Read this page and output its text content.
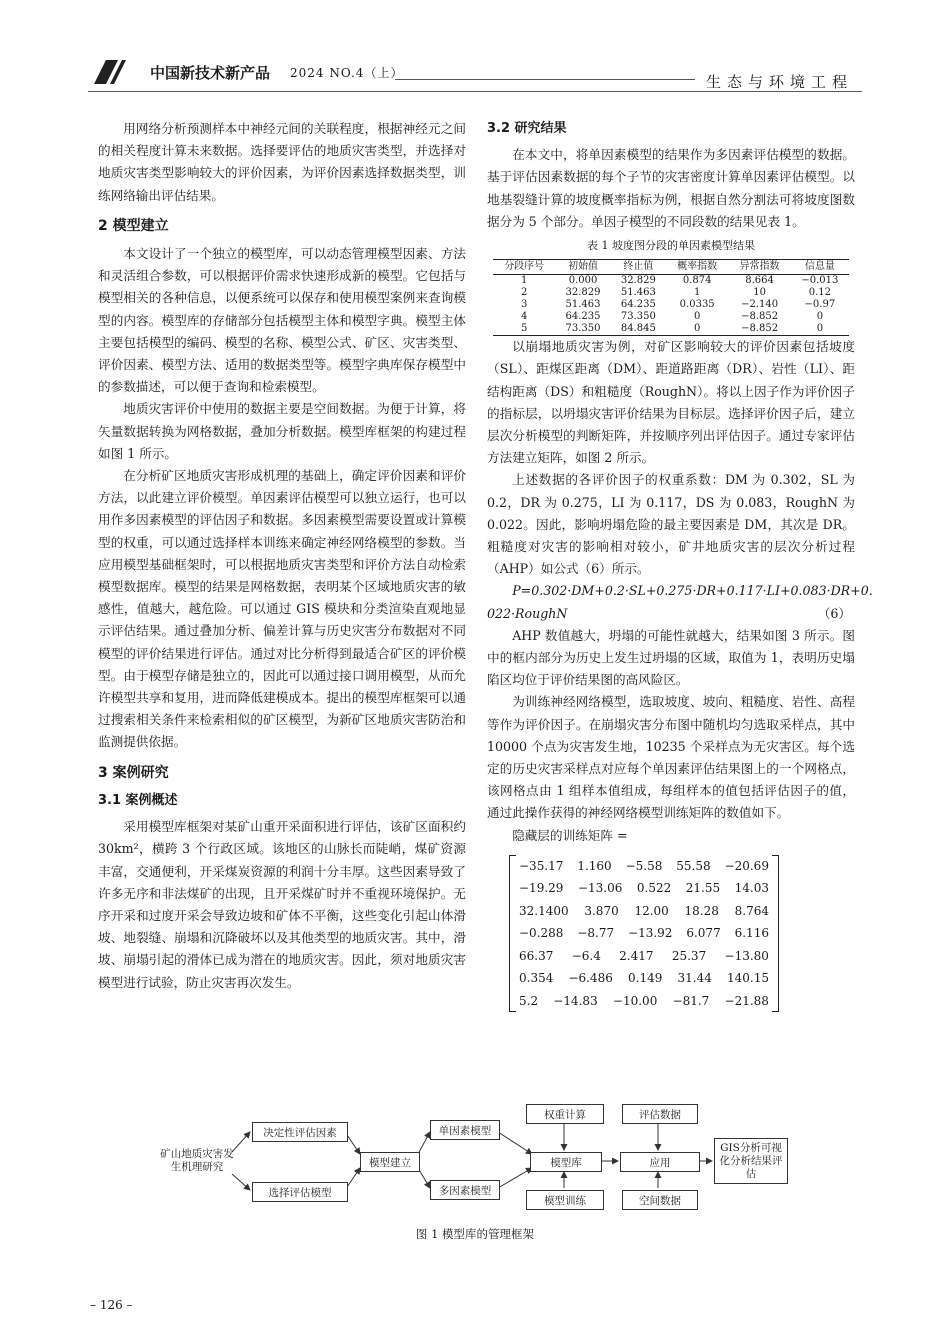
中国新技术新产品 2024 NO.4（上）	生态与环境工程

用网络分析预测样本中神经元间的关联程度，根据神经元之间的相关程度计算未来数据。选择要评估的地质灾害类型，并选择对地质灾害类型影响较大的评价因素，为评价因素选择数据类型，训练网络输出评估结果。

2 模型建立

本文设计了一个独立的模型库，可以动态管理模型因素、方法和灵活组合参数，可以根据评价需求快速形成新的模型。它包括与模型相关的各种信息，以便系统可以保存和使用模型案例来查询模型的内容。模型库的存储部分包括模型主体和模型字典。模型主体主要包括模型的编码、模型的名称、模型公式、矿区、灾害类型、评价因素、模型方法、适用的数据类型等。模型字典库保存模型中的参数描述，可以便于查询和检索模型。

地质灾害评价中使用的数据主要是空间数据。为便于计算，将矢量数据转换为网格数据，叠加分析数据。模型库框架的构建过程如图 1 所示。

在分析矿区地质灾害形成机理的基础上，确定评价因素和评价方法，以此建立评价模型。单因素评估模型可以独立运行，也可以用作多因素模型的评估因子和数据。多因素模型需要设置或计算模型的权重，可以通过选择样本训练来确定神经网络模型的参数。当应用模型基础框架时，可以根据地质灾害类型和评价方法自动检索模型数据库。模型的结果是网格数据，表明某个区域地质灾害的敏感性，值越大，越危险。可以通过 GIS 模块和分类渲染直观地显示评估结果。通过叠加分析、偏差计算与历史灾害分布数据对不同模型的评价结果进行评估。通过对比分析得到最适合矿区的评价模型。由于模型存储是独立的，因此可以通过接口调用模型，从而允许模型共享和复用，进而降低建模成本。提出的模型库框架可以通过搜索相关条件来检索相似的矿区模型，为新矿区地质灾害防治和监测提供依据。

3 案例研究
3.1 案例概述

采用模型库框架对某矿山重开采面积进行评估，该矿区面积约 30km²，横跨 3 个行政区域。该地区的山脉长而陡峭，煤矿资源丰富，交通便利，开采煤炭资源的利润十分丰厚。这些因素导致了许多无序和非法煤矿的出现，且开采煤矿时并不重视环境保护。无序开采和过度开采会导致边坡和矿体不平衡，这些变化引起山体滑坡、地裂缝、崩塌和沉降破坏以及其他类型的地质灾害。其中，滑坡、崩塌引起的滑体已成为潜在的地质灾害。因此，须对地质灾害模型进行试验，防止灾害再次发生。

3.2 研究结果

在本文中，将单因素模型的结果作为多因素评估模型的数据。基于评估因素数据的每个子节的灾害密度计算单因素评估模型。以地基裂缝计算的坡度概率指标为例，根据自然分割法可将坡度图数据分为 5 个部分。单因子模型的不同段数的结果见表 1。

表 1 坡度图分段的单因素模型结果
分段序号	初始值	终止值	概率指数	异常指数	信息量
1	0.000	32.829	0.874	8.664	−0.013
2	32.829	51.463	1	10	0.12
3	51.463	64.235	0.0335	−2.140	−0.97
4	64.235	73.350	0	−8.852	0
5	73.350	84.845	0	−8.852	0

以崩塌地质灾害为例，对矿区影响较大的评价因素包括坡度（SL）、距煤区距离（DM）、距道路距离（DR）、岩性（LI）、距结构距离（DS）和粗糙度（RoughN）。将以上因子作为评价因子的指标层，以坍塌灾害评价结果为目标层。选择评价因子后，建立层次分析模型的判断矩阵，并按顺序列出评估因子。通过专家评估方法建立矩阵，如图 2 所示。

上述数据的各评价因子的权重系数：DM 为 0.302，SL 为 0.2，DR 为 0.275，LI 为 0.117，DS 为 0.083，RoughN 为 0.022。因此，影响坍塌危险的最主要因素是 DM，其次是 DR。粗糙度对灾害的影响相对较小，矿井地质灾害的层次分析过程（AHP）如公式（6）所示。

P=0.302·DM+0.2·SL+0.275·DR+0.117·LI+0.083·DR+0.

022·RoughN	（6）

AHP 数值越大，坍塌的可能性就越大，结果如图 3 所示。图中的框内部分为历史上发生过坍塌的区域，取值为 1，表明历史塌陷区均位于评价结果图的高风险区。

为训练神经网络模型，选取坡度、坡向、粗糙度、岩性、高程等作为评价因子。在崩塌灾害分布图中随机均匀选取采样点，其中 10000 个点为灾害发生地，10235 个采样点为无灾害区。每个选定的历史灾害采样点对应每个单因素评估结果图上的一个网格点，该网格点由 1 组样本值组成，每组样本的值包括评估因子的值，通过此操作获得的神经网络模型训练矩阵的数值如下。

隐藏层的训练矩阵 =

−35.17 1.160 −5.58 55.58 −20.69
−19.29 −13.06 0.522 21.55 14.03
32.1400 3.870 12.00 18.28 8.764
−0.288 −8.77 −13.92 6.077 6.116
66.37 −6.4 2.417 25.37 −13.80
0.354 −6.486 0.149 31.44 140.15
5.2 −14.83 −10.00 −81.7 −21.88
矿山地质灾害发生机理研究
决定性评估因素
选择评估模型
模型建立
单因素模型
多因素模型
权重计算
模型库
模型训练
评估数据
应用
空间数据
GIS分析可视化分析结果评估
图 1 模型库的管理框架
– 126 –
